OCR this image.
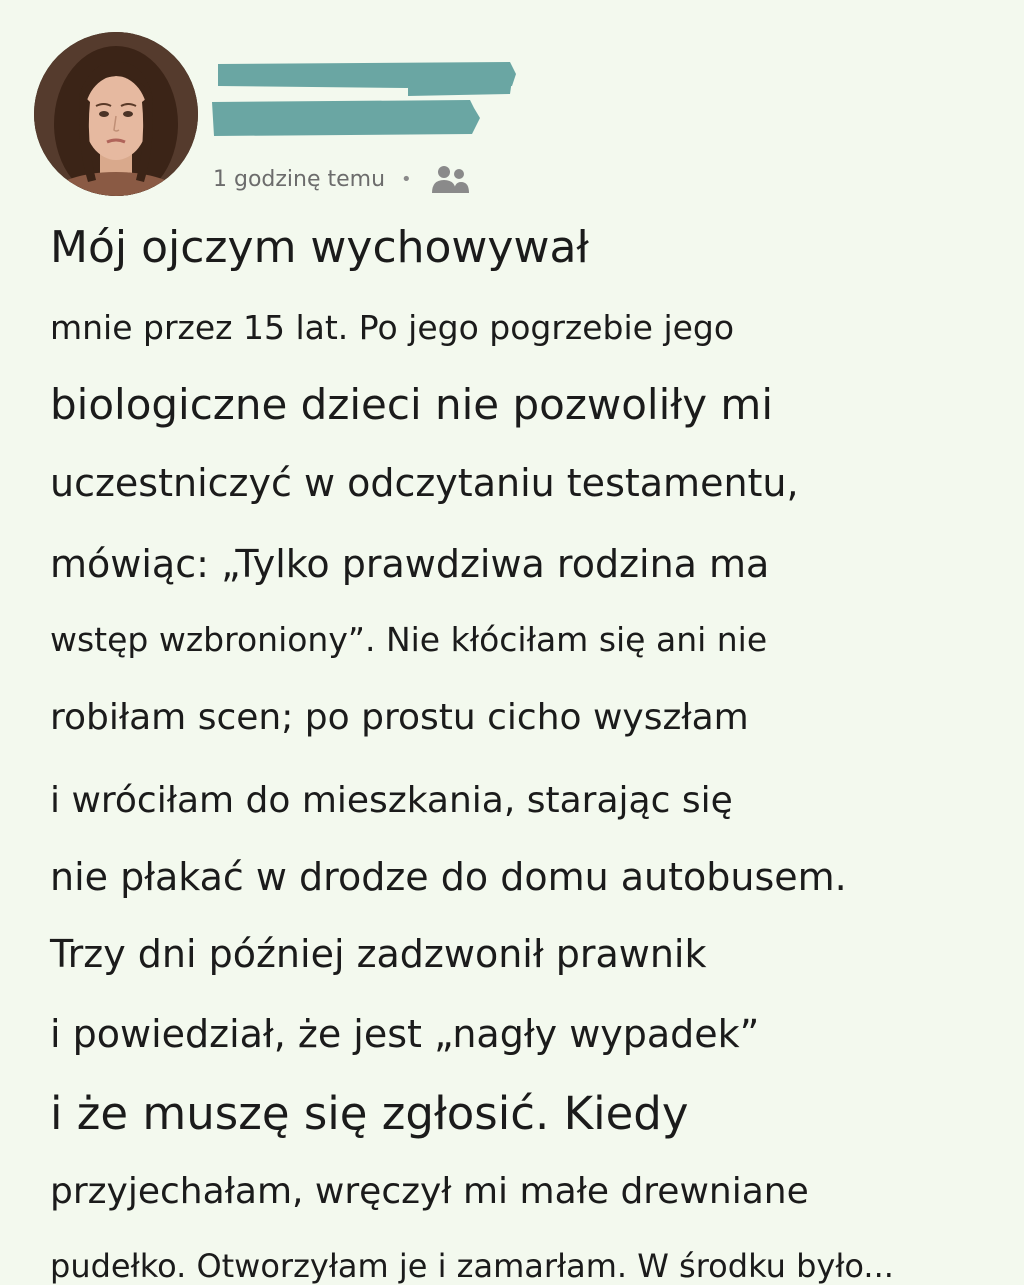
1 godzinę temu •
Mój ojczym wychowywał
mnie przez 15 lat. Po jego pogrzebie jego
biologiczne dzieci nie pozwoliły mi
uczestniczyć w odczytaniu testamentu,
mówiąc: „Tylko prawdziwa rodzina ma
wstęp wzbroniony”. Nie kłóciłam się ani nie
robiłam scen; po prostu cicho wyszłam
i wróciłam do mieszkania, starając się
nie płakać w drodze do domu autobusem.
Trzy dni później zadzwonił prawnik
i powiedział, że jest „nagły wypadek”
i że muszę się zgłosić. Kiedy
przyjechałam, wręczył mi małe drewniane
pudełko. Otworzyłam je i zamarłam. W środku było...
